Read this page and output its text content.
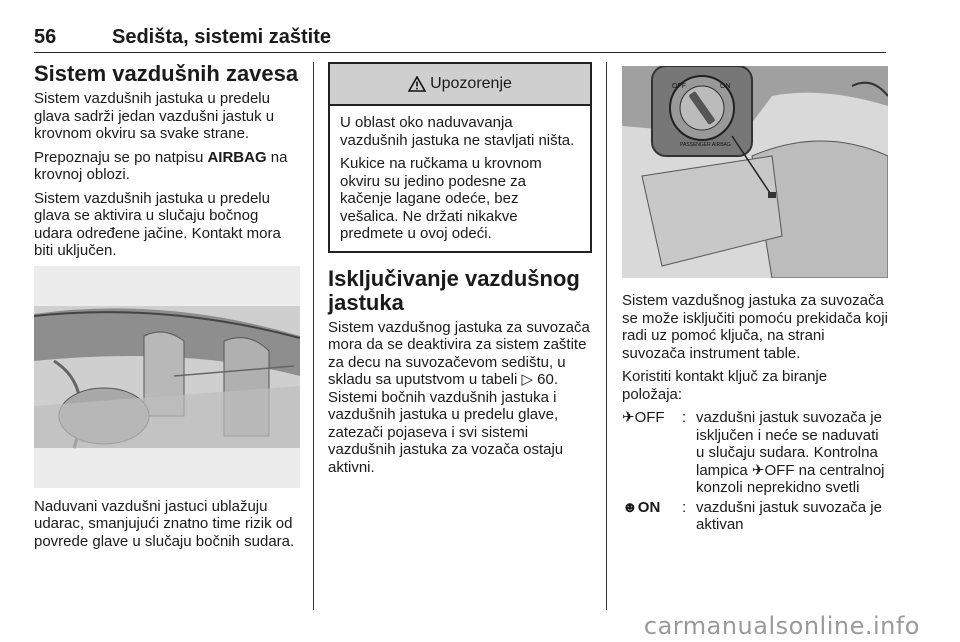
56	Sedišta, sistemi zaštite
Sistem vazdušnih zavesa

Sistem vazdušnih jastuka u predelu glava sadrži jedan vazdušni jastuk u krovnom okviru sa svake strane.

Prepoznaju se po natpisu AIRBAG na krovnoj oblozi.

Sistem vazdušnih jastuka u predelu glava se aktivira u slučaju bočnog udara određene jačine. Kontakt mora biti uključen.

Naduvani vazdušni jastuci ublažuju udarac, smanjujući znatno time rizik od povrede glave u slučaju bočnih sudara.

Upozorenje

U oblast oko naduvavanja vazdušnih jastuka ne stavljati ništa.

Kukice na ručkama u krovnom okviru su jedino podesne za kačenje lagane odeće, bez vešalica. Ne držati nikakve predmete u ovoj odeći.

Isključivanje vazdušnog jastuka

Sistem vazdušnog jastuka za suvozača mora da se deaktivira za sistem zaštite za decu na suvozačevom sedištu, u skladu sa uputstvom u tabeli ▷ 60. Sistemi bočnih vazdušnih jastuka i vazdušnih jastuka u predelu glave, zatezači pojaseva i svi sistemi vazdušnih jastuka za vozača ostaju aktivni.

OFF	ON
PASSENGER AIRBAG

Sistem vazdušnog jastuka za suvozača se može isključiti pomoću prekidača koji radi uz pomoć ključa, na strani suvozača instrument table.

Koristiti kontakt ključ za biranje položaja:

✈OFF	: vazdušni jastuk suvozača je isključen i neće se naduvati u slučaju sudara. Kontrolna lampica ✈OFF na centralnoj konzoli neprekidno svetli
☻ON	: vazdušni jastuk suvozača je aktivan
carmanualsonline.info
